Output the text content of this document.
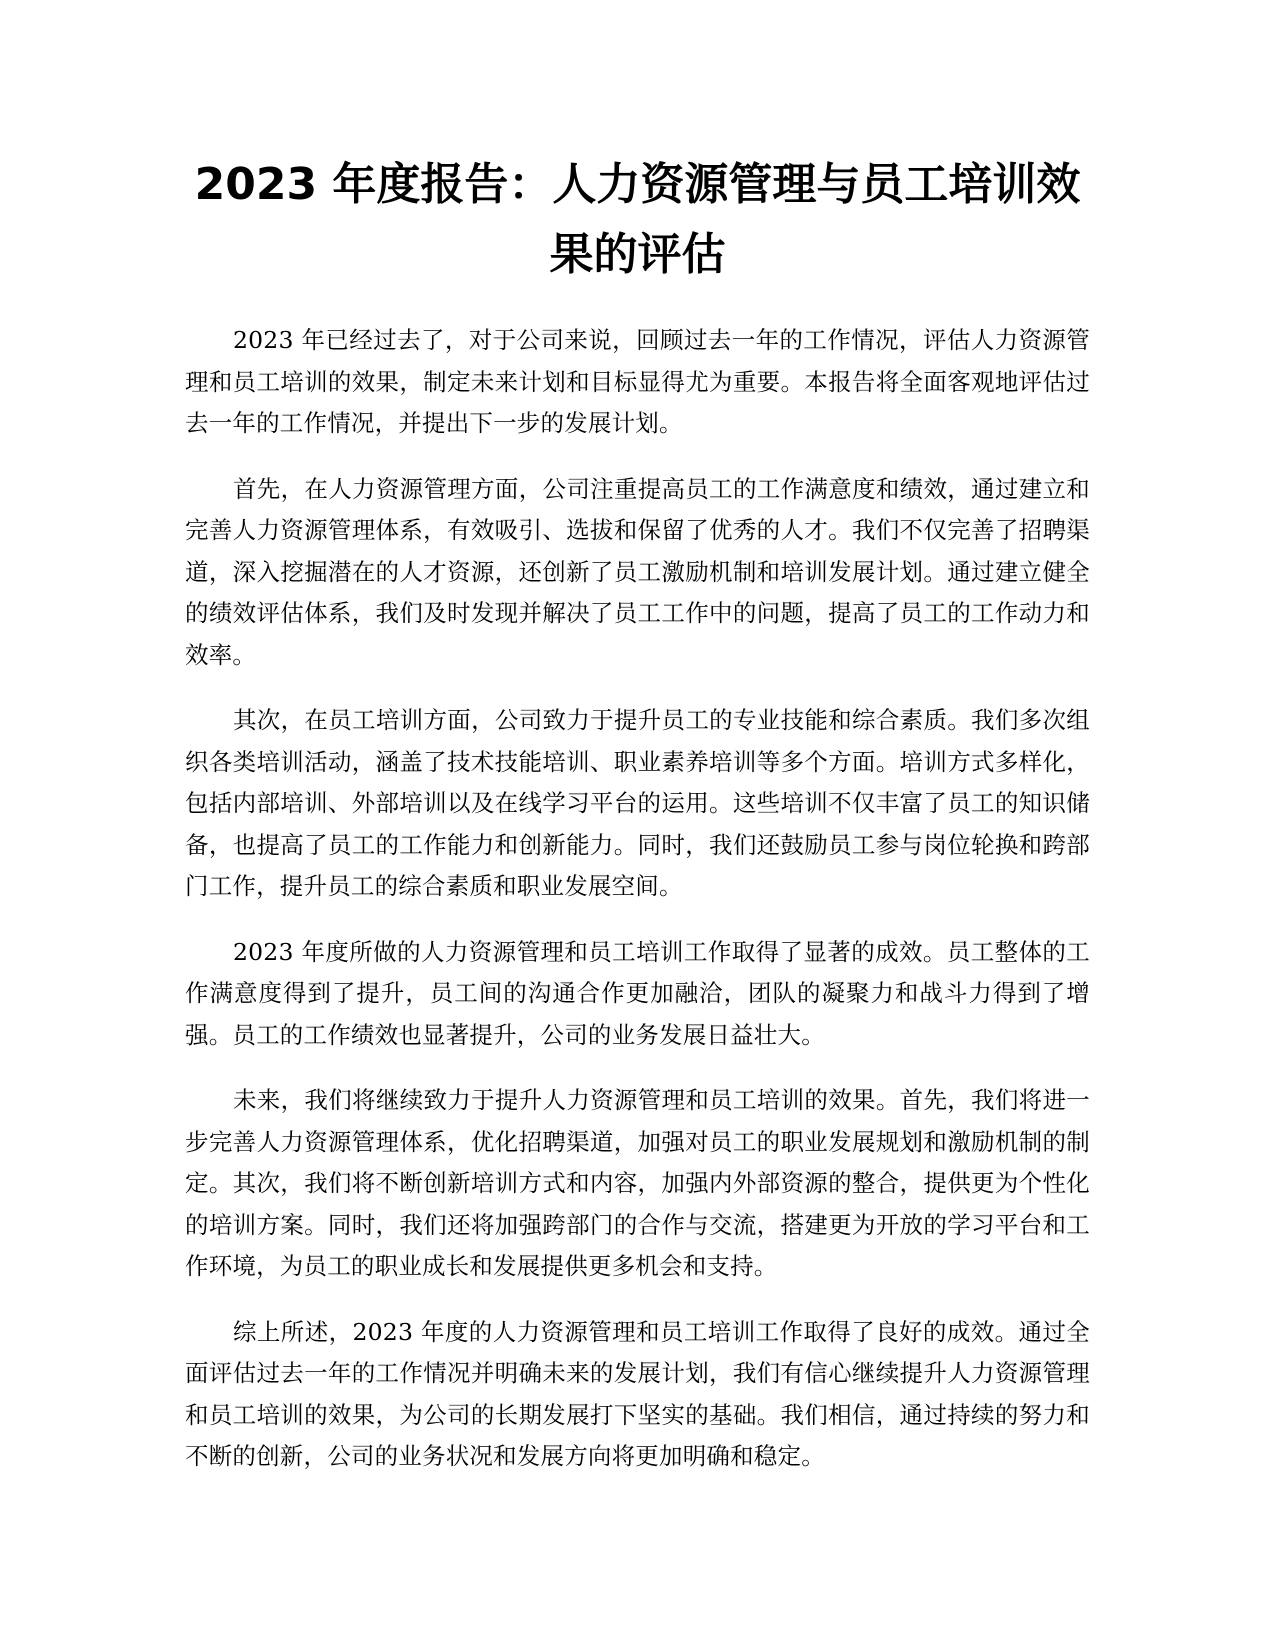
2023 年度报告：人力资源管理与员工培训效果的评估

2023 年已经过去了，对于公司来说，回顾过去一年的工作情况，评估人力资源管理和员工培训的效果，制定未来计划和目标显得尤为重要。本报告将全面客观地评估过去一年的工作情况，并提出下一步的发展计划。

首先，在人力资源管理方面，公司注重提高员工的工作满意度和绩效，通过建立和完善人力资源管理体系，有效吸引、选拔和保留了优秀的人才。我们不仅完善了招聘渠道，深入挖掘潜在的人才资源，还创新了员工激励机制和培训发展计划。通过建立健全的绩效评估体系，我们及时发现并解决了员工工作中的问题，提高了员工的工作动力和效率。

其次，在员工培训方面，公司致力于提升员工的专业技能和综合素质。我们多次组织各类培训活动，涵盖了技术技能培训、职业素养培训等多个方面。培训方式多样化，包括内部培训、外部培训以及在线学习平台的运用。这些培训不仅丰富了员工的知识储备，也提高了员工的工作能力和创新能力。同时，我们还鼓励员工参与岗位轮换和跨部门工作，提升员工的综合素质和职业发展空间。

2023 年度所做的人力资源管理和员工培训工作取得了显著的成效。员工整体的工作满意度得到了提升，员工间的沟通合作更加融洽，团队的凝聚力和战斗力得到了增强。员工的工作绩效也显著提升，公司的业务发展日益壮大。

未来，我们将继续致力于提升人力资源管理和员工培训的效果。首先，我们将进一步完善人力资源管理体系，优化招聘渠道，加强对员工的职业发展规划和激励机制的制定。其次，我们将不断创新培训方式和内容，加强内外部资源的整合，提供更为个性化的培训方案。同时，我们还将加强跨部门的合作与交流，搭建更为开放的学习平台和工作环境，为员工的职业成长和发展提供更多机会和支持。

综上所述，2023 年度的人力资源管理和员工培训工作取得了良好的成效。通过全面评估过去一年的工作情况并明确未来的发展计划，我们有信心继续提升人力资源管理和员工培训的效果，为公司的长期发展打下坚实的基础。我们相信，通过持续的努力和不断的创新，公司的业务状况和发展方向将更加明确和稳定。
